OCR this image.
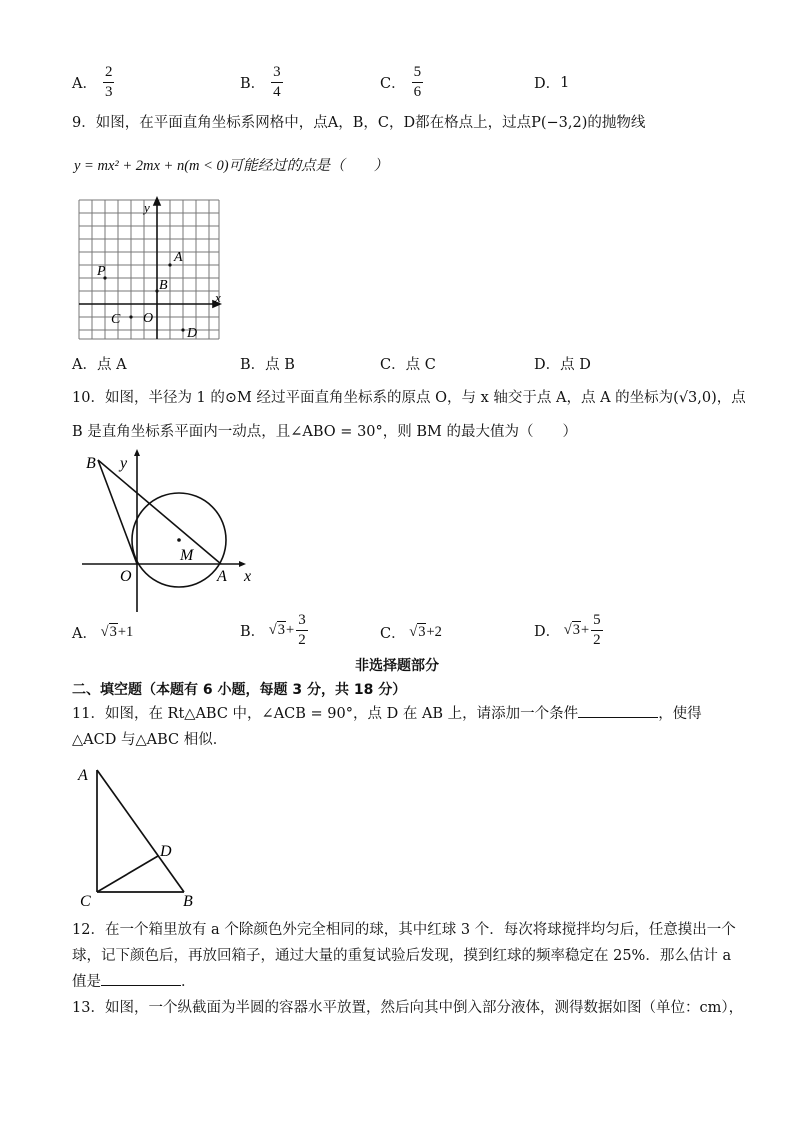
A． $\frac{2}{3}$	B． $\frac{3}{4}$	C． $\frac{5}{6}$	D． 1
9．如图，在平面直角坐标系网格中，点A，B，C，D都在格点上，过点P(−3,2)的抛物线
y = mx² + 2mx + n(m < 0)可能经过的点是（　　）
y
x
A
B
C
D
O
P
A．点 A	B．点 B	C．点 C	D．点 D
10．如图，半径为 1 的⊙M 经过平面直角坐标系的原点 O，与 x 轴交于点 A，点 A 的坐标为(√3,0)，点
B 是直角坐标系平面内一动点，且∠ABO = 30°，则 BM 的最大值为（　　）
B y
M
O	A x
A． √3 +1	B． $√3 + \frac{3}{2}$	C． √3 +2	D． $√3 + \frac{5}{2}$
非选择题部分
二、填空题（本题有 6 小题，每题 3 分，共 18 分）
11．如图，在 Rt△ABC 中，∠ACB = 90°，点 D 在 AB 上，请添加一个条件	，使得
△ACD 与△ABC 相似．
A
D
C	B
12．在一个箱里放有 a 个除颜色外完全相同的球，其中红球 3 个．每次将球搅拌均匀后，任意摸出一个
球，记下颜色后，再放回箱子，通过大量的重复试验后发现，摸到红球的频率稳定在 25%．那么估计 a
值是	．
13．如图，一个纵截面为半圆的容器水平放置，然后向其中倒入部分液体，测得数据如图（单位：cm），
